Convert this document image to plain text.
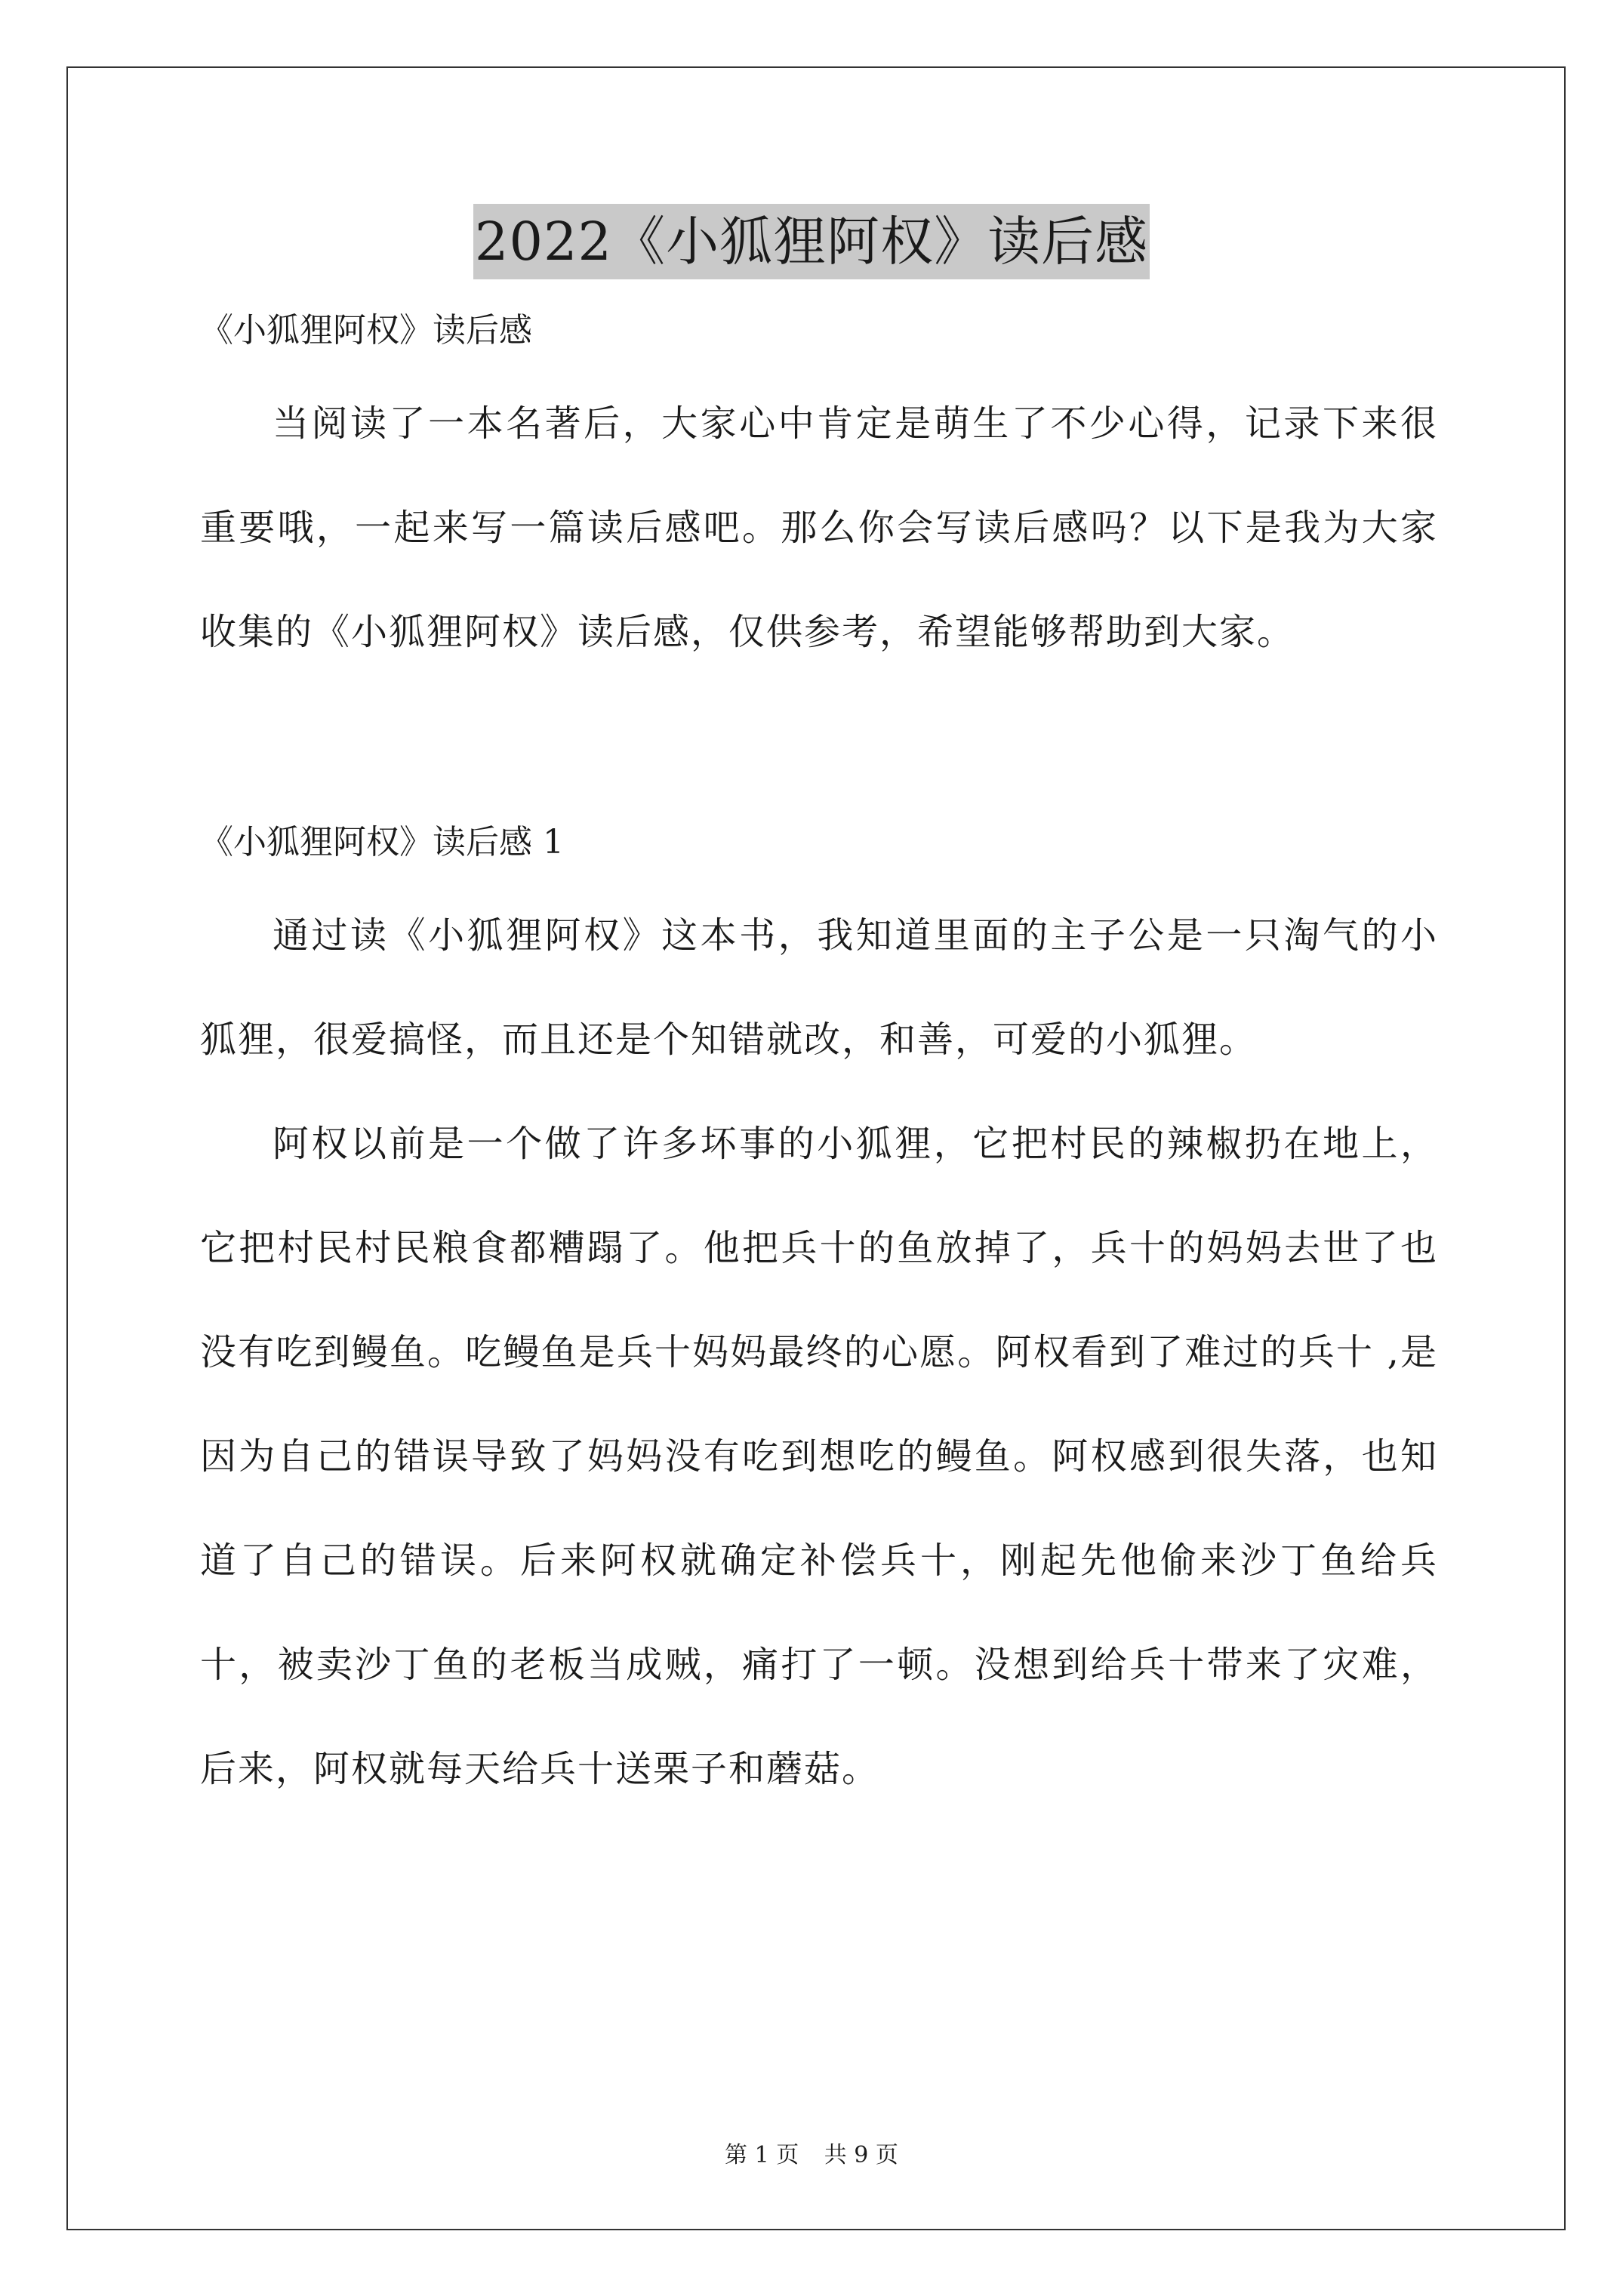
2022《小狐狸阿权》读后感

《小狐狸阿权》读后感

当阅读了一本名著后，大家心中肯定是萌生了不少心得，记录下来很重要哦，一起来写一篇读后感吧。那么你会写读后感吗？以下是我为大家收集的《小狐狸阿权》读后感，仅供参考，希望能够帮助到大家。

《小狐狸阿权》读后感 1

通过读《小狐狸阿权》这本书，我知道里面的主子公是一只淘气的小狐狸，很爱搞怪，而且还是个知错就改，和善，可爱的小狐狸。

阿权以前是一个做了许多坏事的小狐狸，它把村民的辣椒扔在地上，它把村民村民粮食都糟蹋了。他把兵十的鱼放掉了，兵十的妈妈去世了也没有吃到鳗鱼。吃鳗鱼是兵十妈妈最终的心愿。阿权看到了难过的兵十 ,是因为自己的错误导致了妈妈没有吃到想吃的鳗鱼。阿权感到很失落，也知道了自己的错误。后来阿权就确定补偿兵十，刚起先他偷来沙丁鱼给兵十，被卖沙丁鱼的老板当成贼，痛打了一顿。没想到给兵十带来了灾难，后来，阿权就每天给兵十送栗子和蘑菇。

第 1 页 共 9 页
